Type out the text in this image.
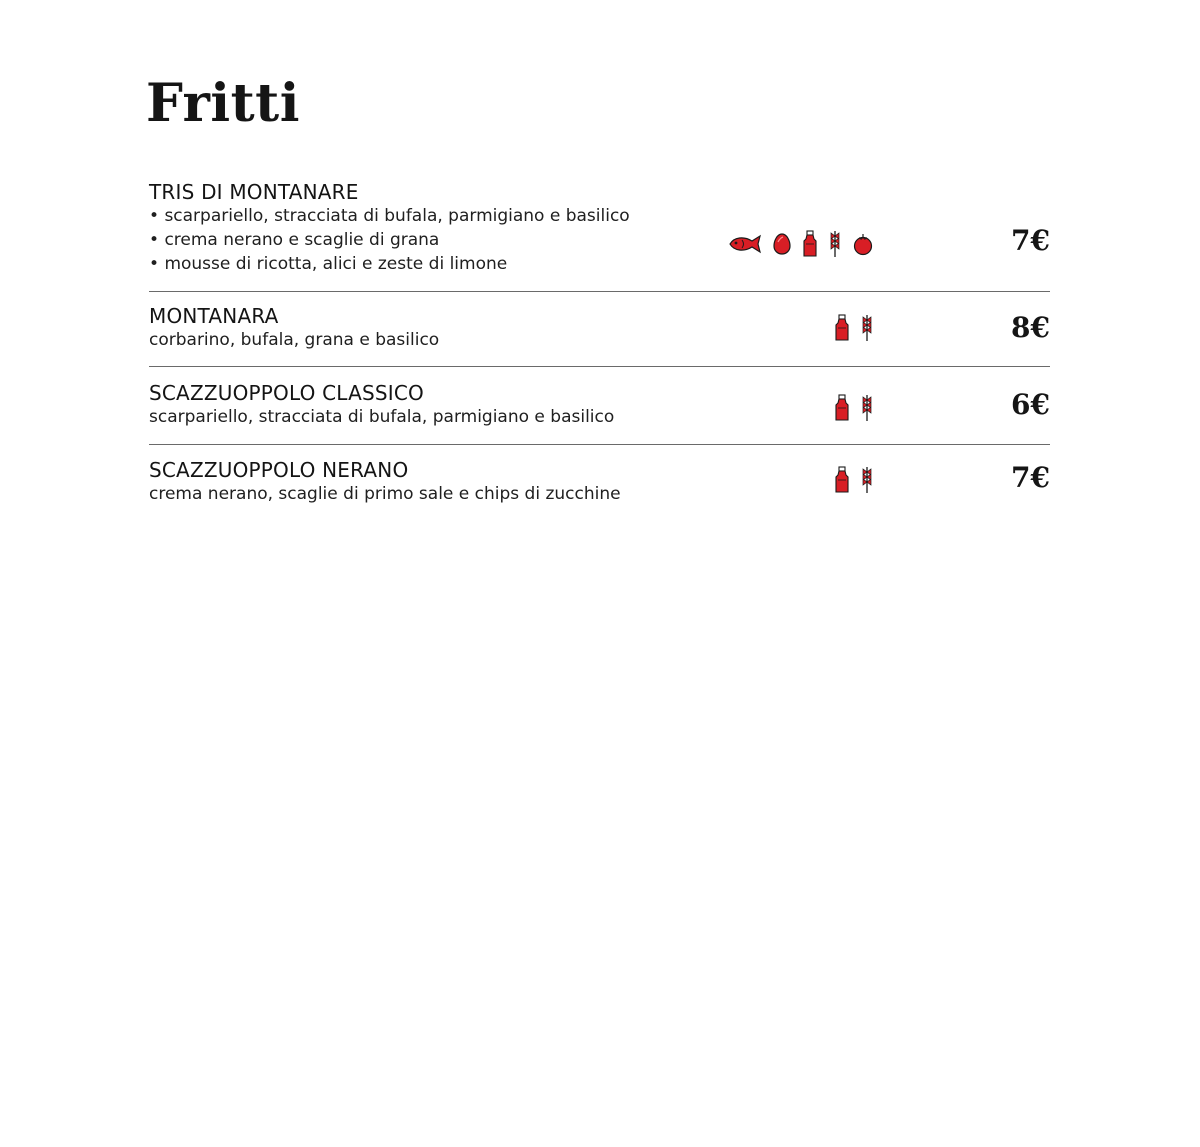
Fritti
TRIS DI MONTANARE
• scarpariello, stracciata di bufala, parmigiano e basilico
• crema nerano e scaglie di grana
• mousse di ricotta, alici e zeste di limone

7€

MONTANARA

corbarino, bufala, grana e basilico	8€

SCAZZUOPPOLO CLASSICO

scarpariello, stracciata di bufala, parmigiano e basilico	6€

SCAZZUOPPOLO NERANO

crema nerano, scaglie di primo sale e chips di zucchine	7€
